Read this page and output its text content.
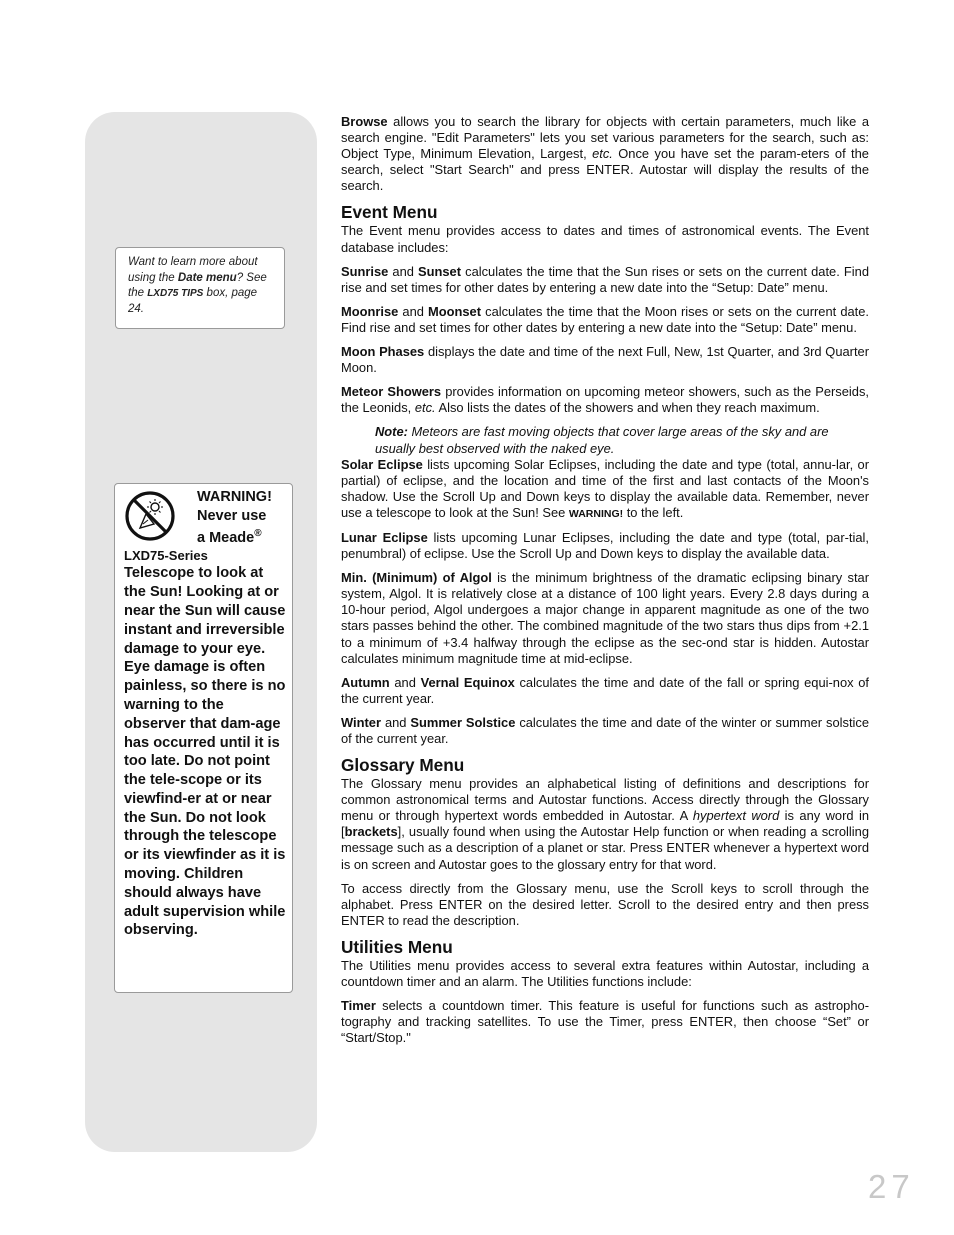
Want to learn more about using the Date menu? See the LXD75 TIPS box, page 24.
WARNING!
Never use
a Meade®
LXD75-Series
Telescope to look at the Sun! Looking at or near the Sun will cause instant and irreversible damage to your eye. Eye damage is often painless, so there is no warning to the observer that dam-age has occurred until it is too late. Do not point the tele-scope or its viewfind-er at or near the Sun. Do not look through the telescope or its viewfinder as it is moving. Children should always have adult supervision while observing.

Browse allows you to search the library for objects with certain parameters, much like a search engine. "Edit Parameters" lets you set various parameters for the search, such as: Object Type, Minimum Elevation, Largest, etc. Once you have set the param-eters of the search, select "Start Search" and press ENTER. Autostar will display the results of the search.

Event Menu

The Event menu provides access to dates and times of astronomical events. The Event database includes:

Sunrise and Sunset calculates the time that the Sun rises or sets on the current date. Find rise and set times for other dates by entering a new date into the “Setup: Date” menu.

Moonrise and Moonset calculates the time that the Moon rises or sets on the current date. Find rise and set times for other dates by entering a new date into the “Setup: Date” menu.

Moon Phases displays the date and time of the next Full, New, 1st Quarter, and 3rd Quarter Moon.

Meteor Showers provides information on upcoming meteor showers, such as the Perseids, the Leonids, etc. Also lists the dates of the showers and when they reach maximum.

Note: Meteors are fast moving objects that cover large areas of the sky and are usually best observed with the naked eye.

Solar Eclipse lists upcoming Solar Eclipses, including the date and type (total, annu-lar, or partial) of eclipse, and the location and time of the first and last contacts of the Moon's shadow. Use the Scroll Up and Down keys to display the available data. Remember, never use a telescope to look at the Sun! See WARNING! to the left.

Lunar Eclipse lists upcoming Lunar Eclipses, including the date and type (total, par-tial, penumbral) of eclipse. Use the Scroll Up and Down keys to display the available data.

Min. (Minimum) of Algol is the minimum brightness of the dramatic eclipsing binary star system, Algol. It is relatively close at a distance of 100 light years. Every 2.8 days during a 10-hour period, Algol undergoes a major change in apparent magnitude as one of the two stars passes behind the other. The combined magnitude of the two stars thus dips from +2.1 to a minimum of +3.4 halfway through the eclipse as the sec-ond star is hidden. Autostar calculates minimum magnitude time at mid-eclipse.

Autumn and Vernal Equinox calculates the time and date of the fall or spring equi-nox of the current year.

Winter and Summer Solstice calculates the time and date of the winter or summer solstice of the current year.

Glossary Menu

The Glossary menu provides an alphabetical listing of definitions and descriptions for common astronomical terms and Autostar functions. Access directly through the Glossary menu or through hypertext words embedded in Autostar. A hypertext word is any word in [brackets], usually found when using the Autostar Help function or when reading a scrolling message such as a description of a planet or star. Press ENTER whenever a hypertext word is on screen and Autostar goes to the glossary entry for that word.

To access directly from the Glossary menu, use the Scroll keys to scroll through the alphabet. Press ENTER on the desired letter. Scroll to the desired entry and then press ENTER to read the description.

Utilities Menu

The Utilities menu provides access to several extra features within Autostar, including a countdown timer and an alarm. The Utilities functions include:

Timer selects a countdown timer. This feature is useful for functions such as astropho-tography and tracking satellites. To use the Timer, press ENTER, then choose “Set” or “Start/Stop."

27
